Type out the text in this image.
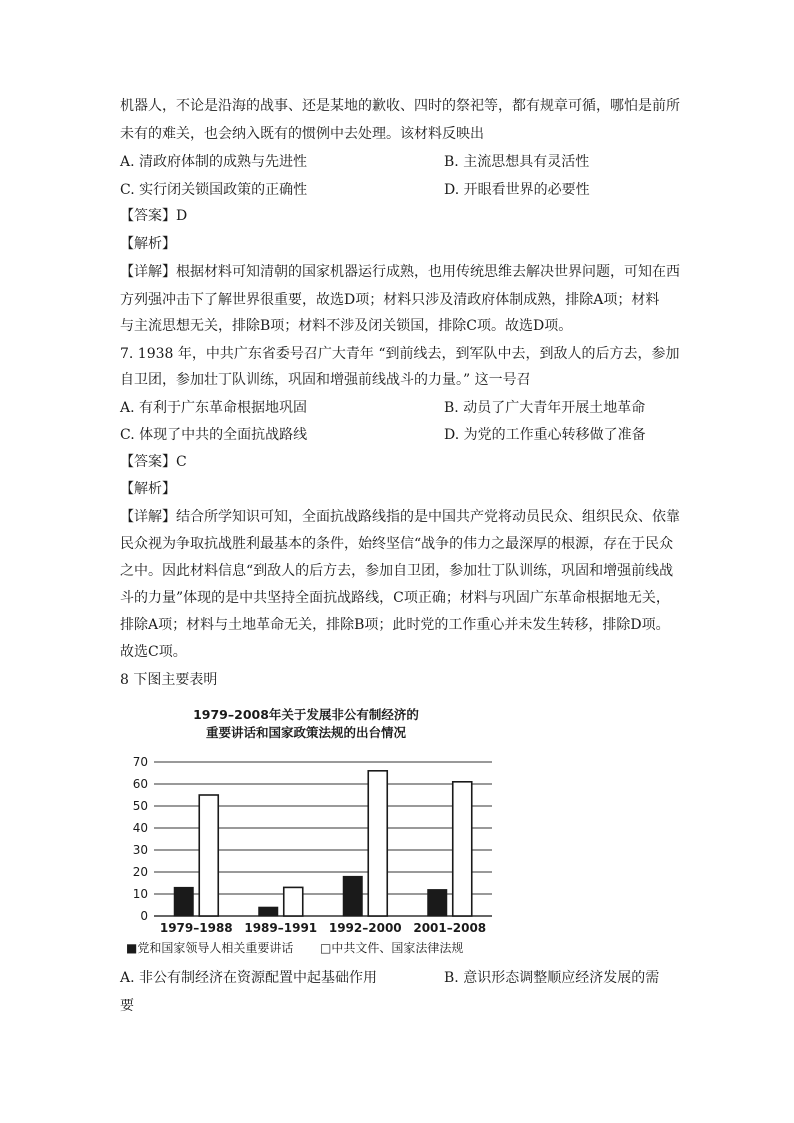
机器人，不论是沿海的战事、还是某地的歉收、四时的祭祀等，都有规章可循，哪怕是前所
未有的难关，也会纳入既有的惯例中去处理。该材料反映出
A. 清政府体制的成熟与先进性	B. 主流思想具有灵活性
C. 实行闭关锁国政策的正确性	D. 开眼看世界的必要性
【答案】D
【解析】
【详解】根据材料可知清朝的国家机器运行成熟，也用传统思维去解决世界问题，可知在西
方列强冲击下了解世界很重要，故选D项；材料只涉及清政府体制成熟，排除A项；材料
与主流思想无关，排除B项；材料不涉及闭关锁国，排除C项。故选D项。
7. 1938 年，中共广东省委号召广大青年 “到前线去，到军队中去，到敌人的后方去，参加
自卫团，参加壮丁队训练，巩固和增强前线战斗的力量。” 这一号召
A. 有利于广东革命根据地巩固	B. 动员了广大青年开展土地革命
C. 体现了中共的全面抗战路线	D. 为党的工作重心转移做了准备
【答案】C
【解析】
【详解】结合所学知识可知，全面抗战路线指的是中国共产党将动员民众、组织民众、依靠
民众视为争取抗战胜利最基本的条件，始终坚信“战争的伟力之最深厚的根源，存在于民众
之中。因此材料信息“到敌人的后方去，参加自卫团，参加壮丁队训练，巩固和增强前线战
斗的力量”体现的是中共坚持全面抗战路线，C项正确；材料与巩固广东革命根据地无关，
排除A项；材料与土地革命无关，排除B项；此时党的工作重心并未发生转移，排除D项。
故选C项。
8 下图主要表明
1979–2008年关于发展非公有制经济的
重要讲话和国家政策法规的出台情况
0
10
20
30
40
50
60
70
1979–1988 1989–1991 1992–2000 2001–2008
■党和国家领导人相关重要讲话 □中共文件、国家法律法规
A. 非公有制经济在资源配置中起基础作用	B. 意识形态调整顺应经济发展的需
要
